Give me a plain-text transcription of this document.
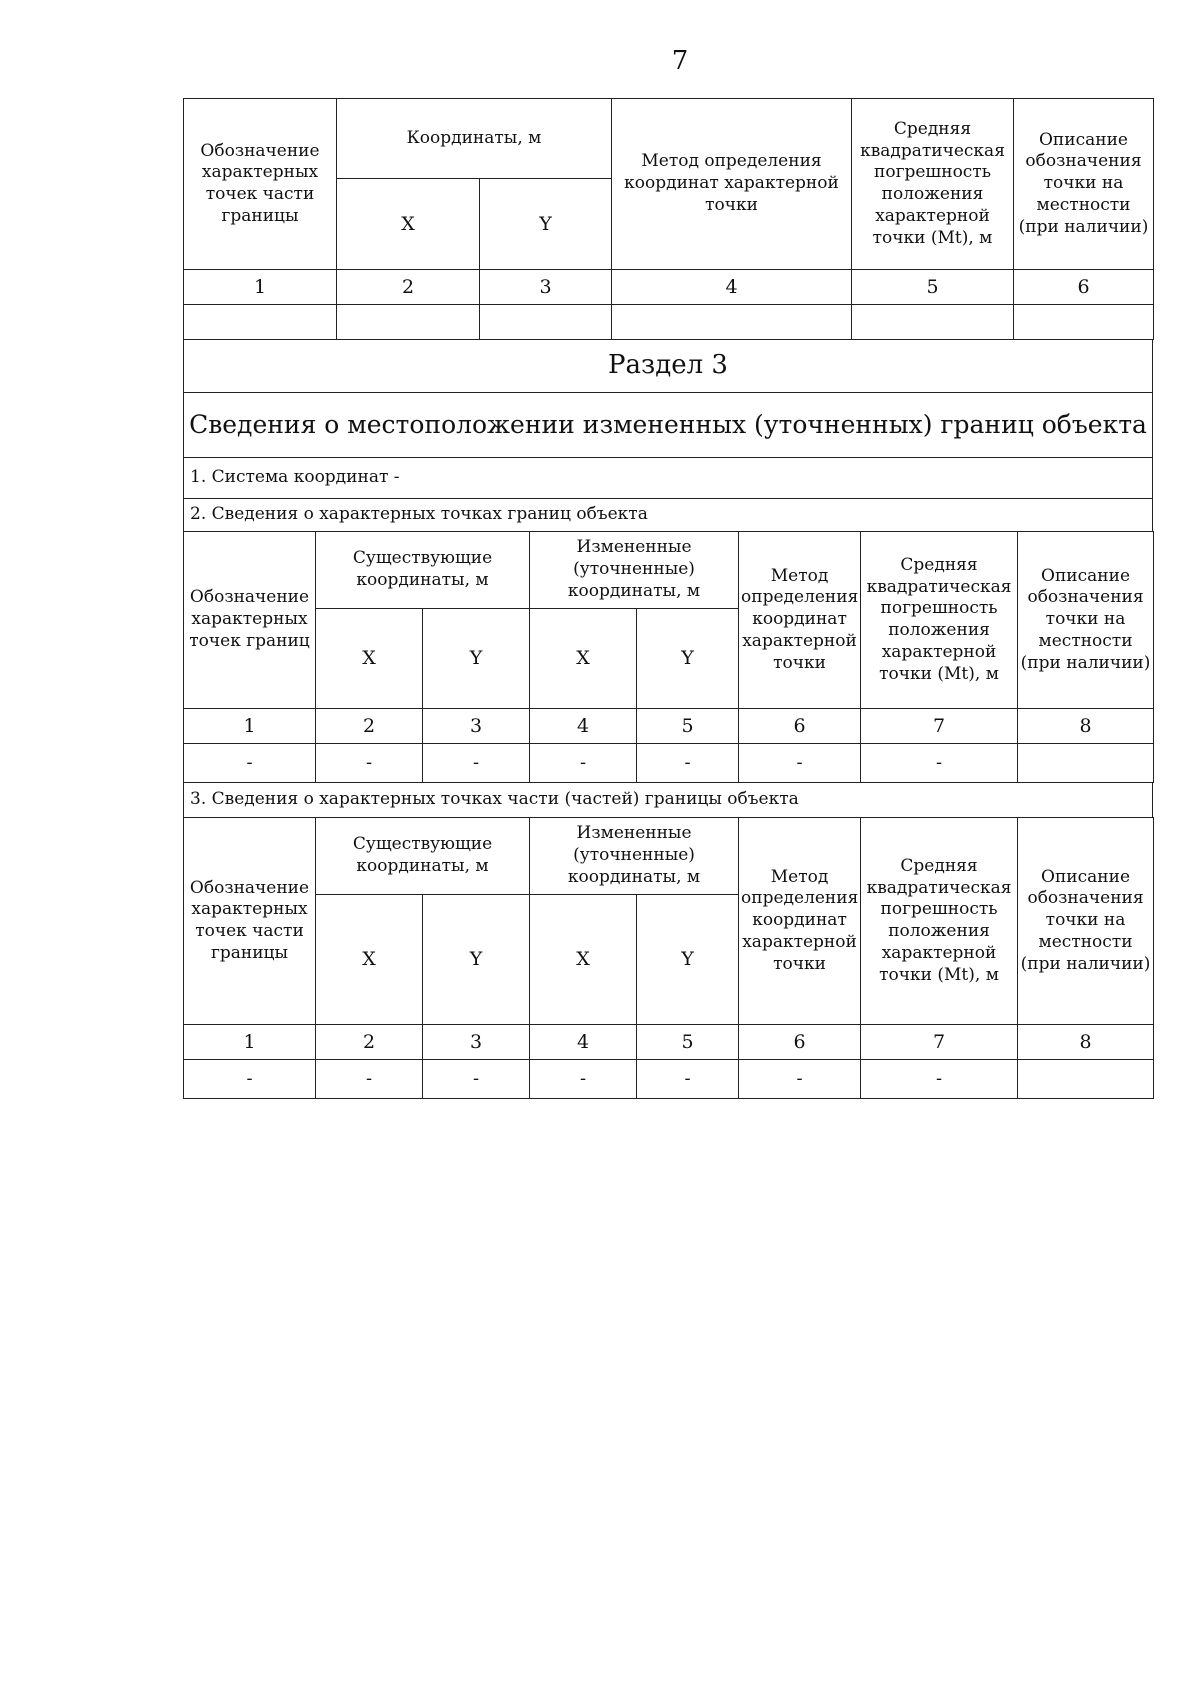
7
Обозначение характерных точек части границы	Координаты, м		Метод определения координат характерной точки	Средняя квадратическая погрешность положения характерной точки (Mt), м	Описание обозначения точки на местности (при наличии)
	X	Y			
1	2	3	4	5	6

Раздел 3
Сведения о местоположении измененных (уточненных) границ объекта
1. Система координат -
2. Сведения о характерных точках границ объекта
Обозначение характерных точек границ	Существующие координаты, м		Измененные (уточненные) координаты, м		Метод определения координат характерной точки	Средняя квадратическая погрешность положения характерной точки (Mt), м	Описание обозначения точки на местности (при наличии)
	X	Y	X	Y			
1	2	3	4	5	6	7	8
-	-	-	-	-	-	-	
3. Сведения о характерных точках части (частей) границы объекта
Обозначение характерных точек части границы	Существующие координаты, м		Измененные (уточненные) координаты, м		Метод определения координат характерной точки	Средняя квадратическая погрешность положения характерной точки (Mt), м	Описание обозначения точки на местности (при наличии)
	X	Y	X	Y			
1	2	3	4	5	6	7	8
-	-	-	-	-	-	-	
